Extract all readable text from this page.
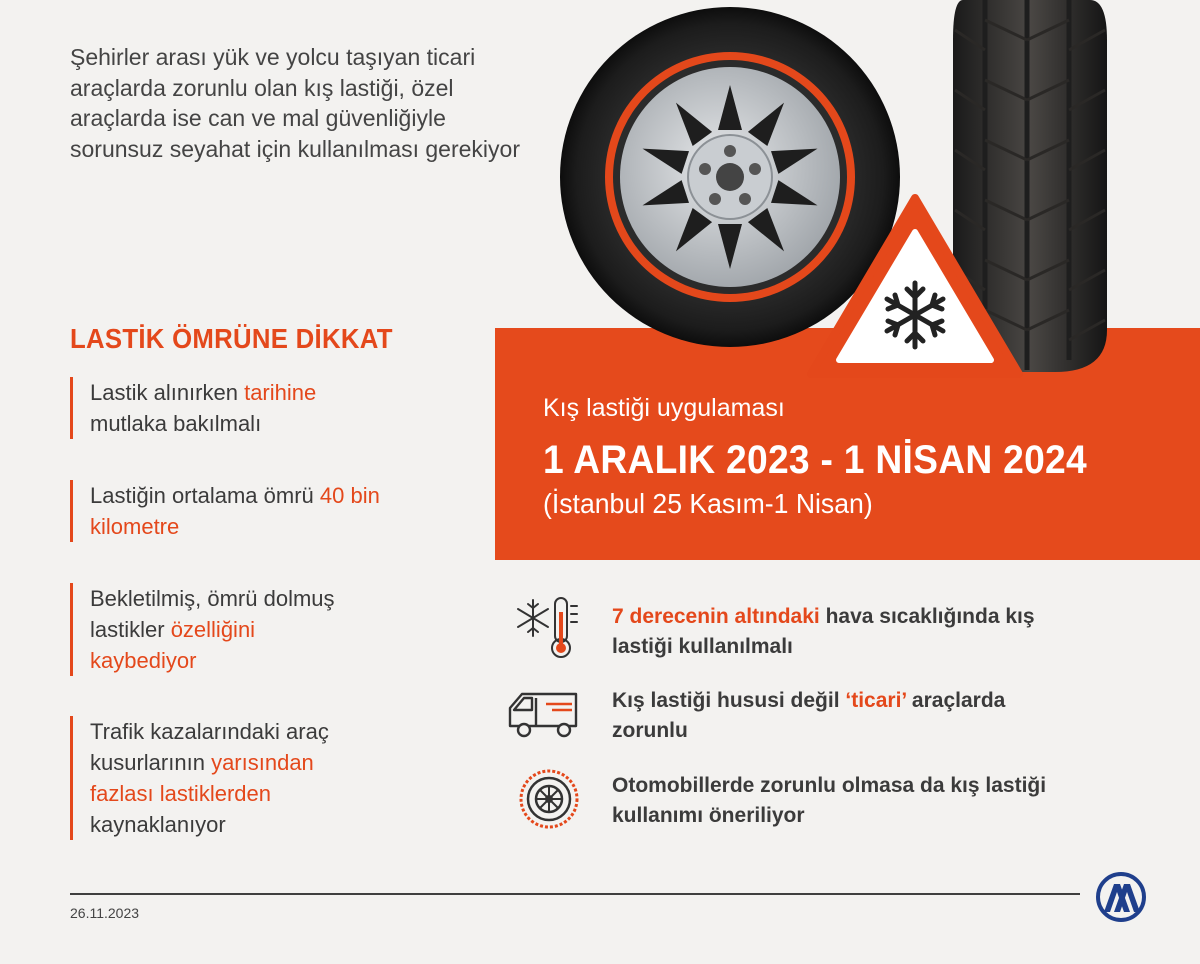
Şehirler arası yük ve yolcu taşıyan ticari araçlarda zorunlu olan kış lastiği, özel araçlarda ise can ve mal güvenliğiyle sorunsuz seyahat için kullanılması gerekiyor

LASTİK ÖMRÜNE DİKKAT
Lastik alınırken tarihine mutlaka bakılmalı
Lastiğin ortalama ömrü 40 bin kilometre
Bekletilmiş, ömrü dolmuş lastikler özelliğini kaybediyor
Trafik kazalarındaki araç kusurlarının yarısından fazlası lastiklerden kaynaklanıyor

Kış lastiği uygulaması

1 ARALIK 2023 - 1 NİSAN 2024

(İstanbul 25 Kasım-1 Nisan)

7 derecenin altındaki hava sıcaklığında kış lastiği kullanılmalı
Kış lastiği hususi değil ‘ticari’ araçlarda zorunlu
Otomobillerde zorunlu olmasa da kış lastiği kullanımı öneriliyor

26.11.2023

AA
